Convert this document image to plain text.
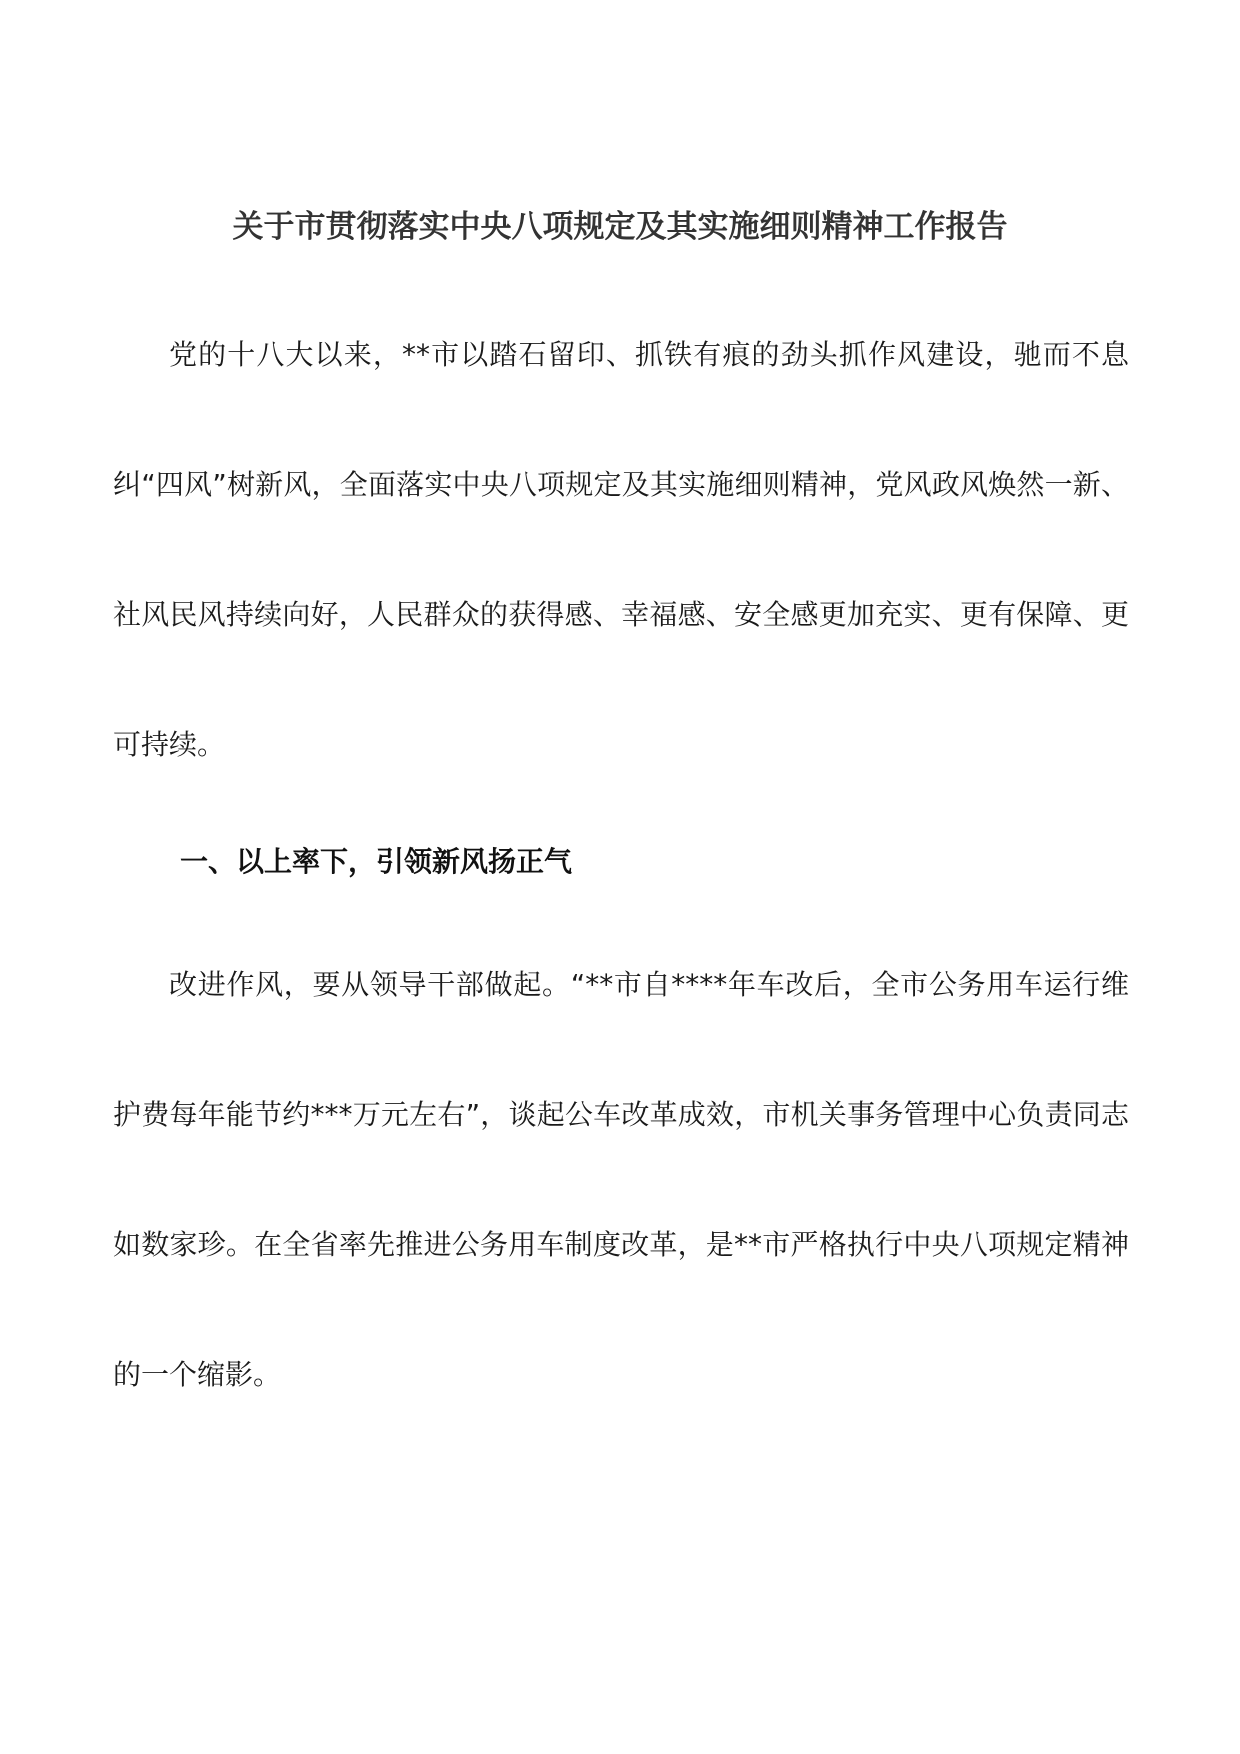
关于市贯彻落实中央八项规定及其实施细则精神工作报告

党的十八大以来，**市以踏石留印、抓铁有痕的劲头抓作风建设，驰而不息纠“四风”树新风，全面落实中央八项规定及其实施细则精神，党风政风焕然一新、社风民风持续向好，人民群众的获得感、幸福感、安全感更加充实、更有保障、更可持续。

一、以上率下，引领新风扬正气

改进作风，要从领导干部做起。“**市自****年车改后，全市公务用车运行维护费每年能节约***万元左右”，谈起公车改革成效，市机关事务管理中心负责同志如数家珍。在全省率先推进公务用车制度改革，是**市严格执行中央八项规定精神的一个缩影。
